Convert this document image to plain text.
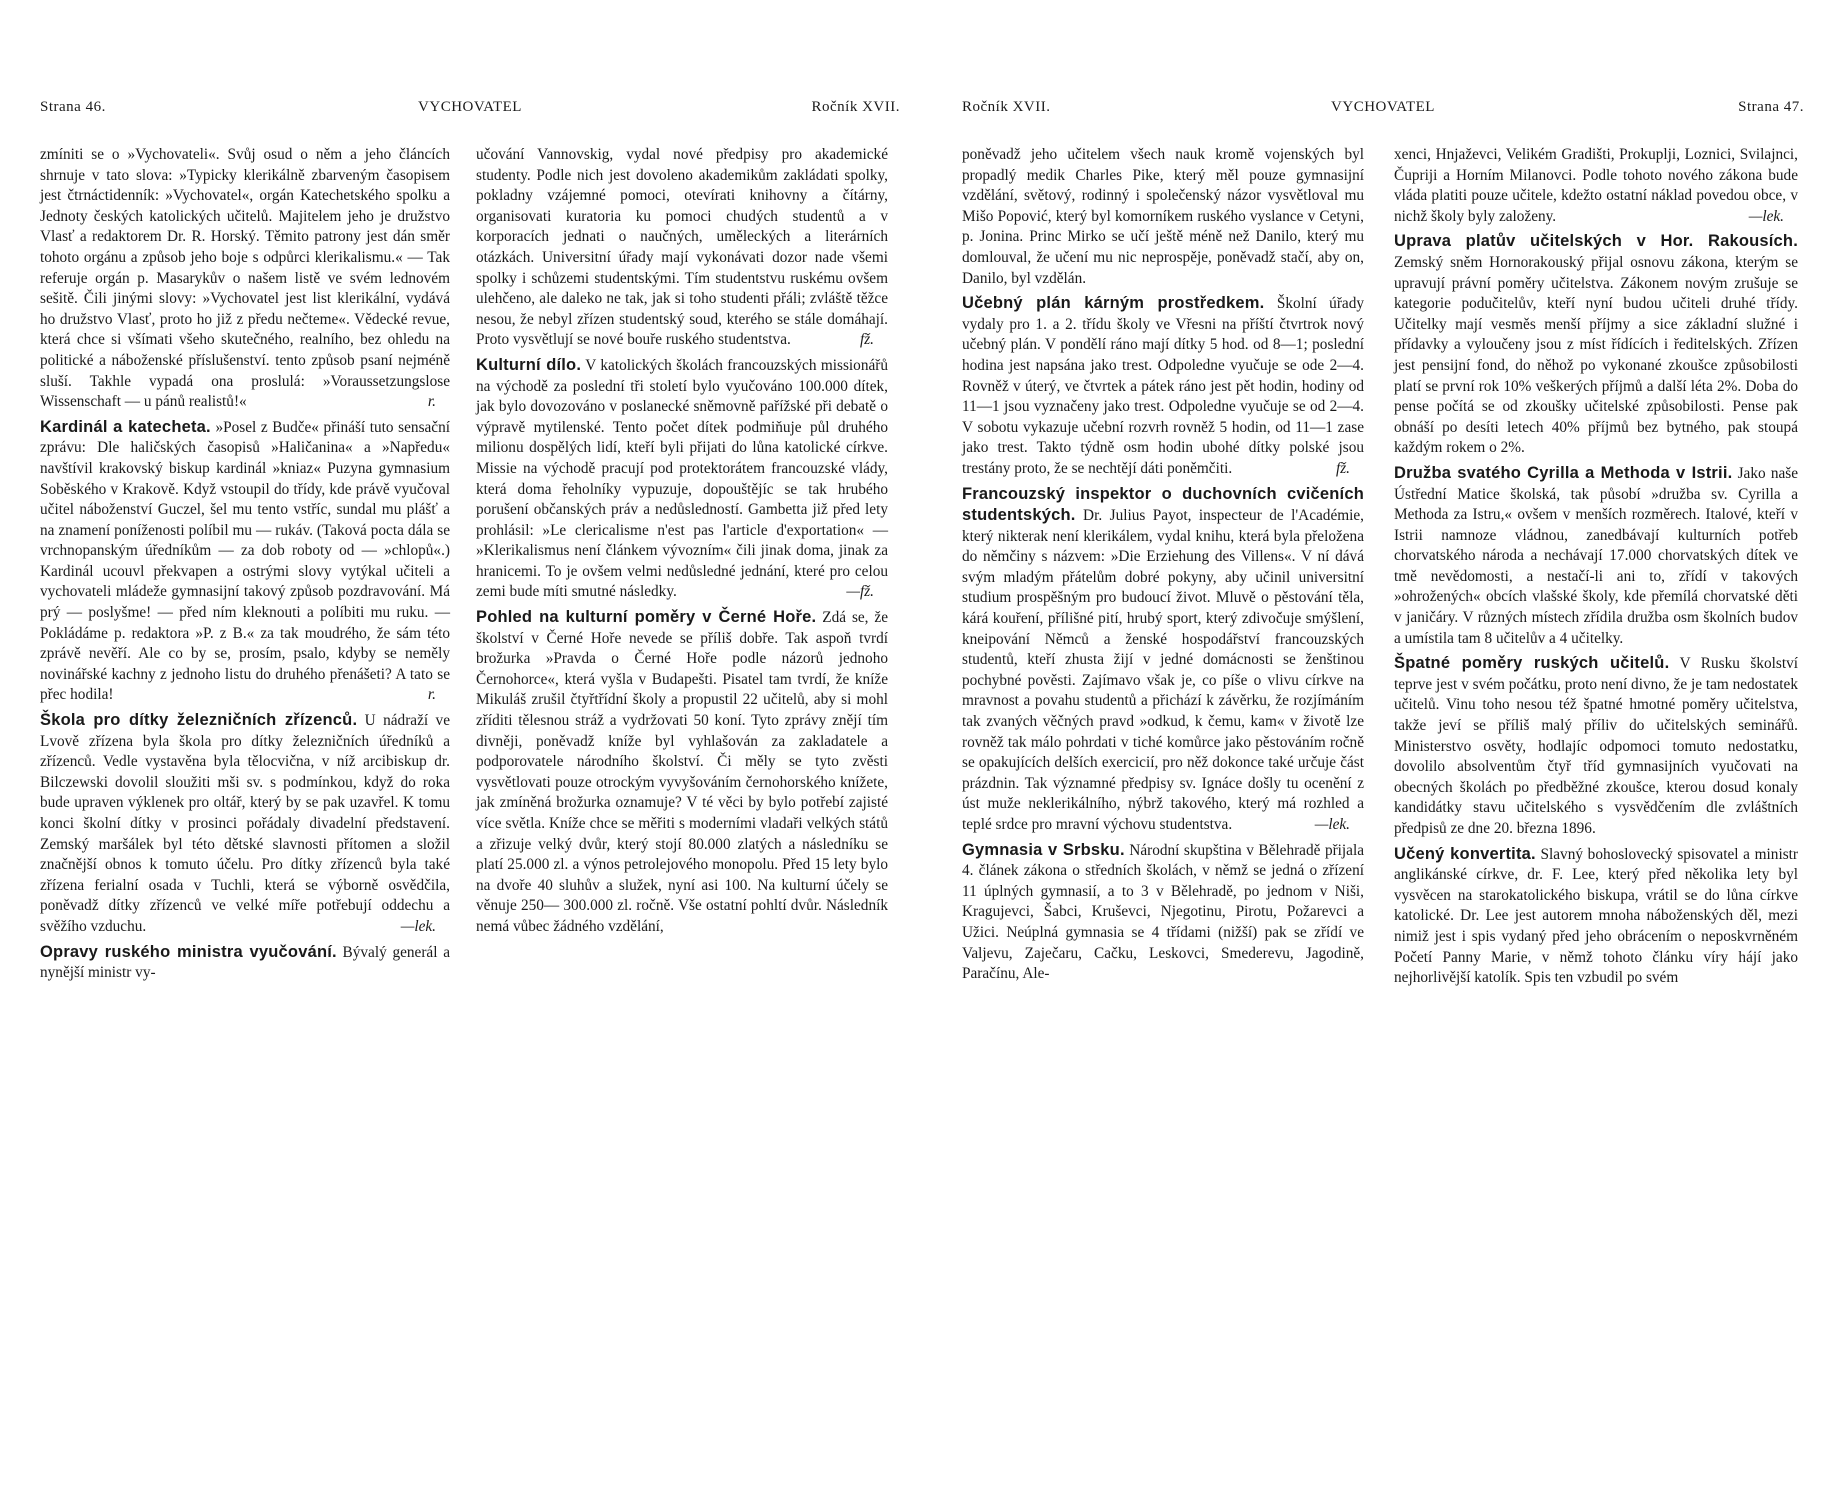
Strana 46.	VYCHOVATEL	Ročník XVII.

zmíniti se o »Vychovateli«. Svůj osud o něm a jeho článcích shrnuje v tato slova: »Typicky klerikálně zbarveným časopisem jest čtrnáctidenník: »Vychovatel«, orgán Katechetského spolku a Jednoty českých katolických učitelů. Majitelem jeho je družstvo Vlasť a redaktorem Dr. R. Horský. Těmito patrony jest dán směr tohoto orgánu a způsob jeho boje s odpůrci klerikalismu.« — Tak referuje orgán p. Masarykův o našem listě ve svém lednovém sešitě. Čili jinými slovy: »Vychovatel jest list klerikální, vydává ho družstvo Vlasť, proto ho již z předu nečteme«. Vědecké revue, která chce si všímati všeho skutečného, realního, bez ohledu na politické a náboženské příslušenství. tento způsob psaní nejméně sluší. Takhle vypadá ona proslulá: »Voraussetzungslose Wissenschaft — u pánů realistů!«	r.

Kardinál a katecheta. »Posel z Budče« přináší tuto sensační zprávu: Dle haličských časopisů »Haličanina« a »Napředu« navštívil krakovský biskup kardinál »kniaz« Puzyna gymnasium Soběského v Krakově. Když vstoupil do třídy, kde právě vyučoval učitel náboženství Guczel, šel mu tento vstříc, sundal mu plášť a na znamení poníženosti políbil mu — rukáv. (Taková pocta dála se vrchnopanským úředníkům — za dob roboty od — »chlopů«.) Kardinál ucouvl překvapen a ostrými slovy vytýkal učiteli a vychovateli mládeže gymnasijní takový způsob pozdravování. Má prý — poslyšme! — před ním kleknouti a políbiti mu ruku. — Pokládáme p. redaktora »P. z B.« za tak moudrého, že sám této zprávě nevěří. Ale co by se, prosím, psalo, kdyby se neměly novinářské kachny z jednoho listu do druhého přenášeti? A tato se přec hodila!	r.

Škola pro dítky železničních zřízenců. U nádraží ve Lvově zřízena byla škola pro dítky železničních úředníků a zřízenců. Vedle vystavěna byla tělocvična, v níž arcibiskup dr. Bilczewski dovolil sloužiti mši sv. s podmínkou, když do roka bude upraven výklenek pro oltář, který by se pak uzavřel. K tomu konci školní dítky v prosinci pořádaly divadelní představení. Zemský maršálek byl této dětské slavnosti přítomen a složil značnější obnos k tomuto účelu. Pro dítky zřízenců byla také zřízena ferialní osada v Tuchli, která se výborně osvědčila, poněvadž dítky zřízenců ve velké míře potřebují oddechu a svěžího vzduchu.	—lek.

Opravy ruského ministra vyučování. Bývalý generál a nynější ministr vy-

učování Vannovskig, vydal nové předpisy pro akademické studenty. Podle nich jest dovoleno akademikům zakládati spolky, pokladny vzájemné pomoci, otevírati knihovny a čítárny, organisovati kuratoria ku pomoci chudých studentů a v korporacích jednati o naučných, uměleckých a literárních otázkách. Universitní úřady mají vykonávati dozor nade všemi spolky i schůzemi studentskými. Tím studentstvu ruskému ovšem ulehčeno, ale daleko ne tak, jak si toho studenti přáli; zvláště těžce nesou, že nebyl zřízen studentský soud, kterého se stále domáhají. Proto vysvětlují se nové bouře ruského studentstva.	fž.

Kulturní dílo. V katolických školách francouzských missionářů na východě za poslední tři století bylo vyučováno 100.000 dítek, jak bylo dovozováno v poslanecké sněmovně pařížské při debatě o výpravě mytilenské. Tento počet dítek podmiňuje půl druhého milionu dospělých lidí, kteří byli přijati do lůna katolické církve. Missie na východě pracují pod protektorátem francouzské vlády, která doma řeholníky vypuzuje, dopouštějíc se tak hrubého porušení občanských práv a nedůsledností. Gambetta již před lety prohlásil: »Le clericalisme n'est pas l'article d'exportation« — »Klerikalismus není článkem vývozním« čili jinak doma, jinak za hranicemi. To je ovšem velmi nedůsledné jednání, které pro celou zemi bude míti smutné následky.	—fž.

Pohled na kulturní poměry v Černé Hoře. Zdá se, že školství v Černé Hoře nevede se příliš dobře. Tak aspoň tvrdí brožurka »Pravda o Černé Hoře podle názorů jednoho Černohorce«, která vyšla v Budapešti. Pisatel tam tvrdí, že kníže Mikuláš zrušil čtyřtřídní školy a propustil 22 učitelů, aby si mohl zříditi tělesnou stráž a vydržovati 50 koní. Tyto zprávy znějí tím divněji, poněvadž kníže byl vyhlašován za zakladatele a podporovatele národního školství. Či měly se tyto zvěsti vysvětlovati pouze otrockým vyvyšováním černohorského knížete, jak zmíněná brožurka oznamuje? V té věci by bylo potřebí zajisté více světla. Kníže chce se měřiti s moderními vladaři velkých států a zřizuje velký dvůr, který stojí 80.000 zlatých a následníku se platí 25.000 zl. a výnos petrolejového monopolu. Před 15 lety bylo na dvoře 40 sluhův a služek, nyní asi 100. Na kulturní účely se věnuje 250— 300.000 zl. ročně. Vše ostatní pohltí dvůr. Následník nemá vůbec žádného vzdělání,

Ročník XVII.	VYCHOVATEL	Strana 47.

poněvadž jeho učitelem všech nauk kromě vojenských byl propadlý medik Charles Pike, který měl pouze gymnasijní vzdělání, světový, rodinný i společenský názor vysvětloval mu Mišo Popović, který byl komorníkem ruského vyslance v Cetyni, p. Jonina. Princ Mirko se učí ještě méně než Danilo, který mu domlouval, že učení mu nic neprospěje, poněvadž stačí, aby on, Danilo, byl vzdělán.

Učebný plán kárným prostředkem. Školní úřady vydaly pro 1. a 2. třídu školy ve Vřesni na příští čtvrtrok nový učebný plán. V pondělí ráno mají dítky 5 hod. od 8—1; poslední hodina jest napsána jako trest. Odpoledne vyučuje se ode 2—4. Rovněž v úterý, ve čtvrtek a pátek ráno jest pět hodin, hodiny od 11—1 jsou vyznačeny jako trest. Odpoledne vyučuje se od 2—4. V sobotu vykazuje učební rozvrh rovněž 5 hodin, od 11—1 zase jako trest. Takto týdně osm hodin ubohé dítky polské jsou trestány proto, že se nechtějí dáti poněmčiti.	fž.

Francouzský inspektor o duchovních cvičeních studentských. Dr. Julius Payot, inspecteur de l'Académie, který nikterak není klerikálem, vydal knihu, která byla přeložena do němčiny s názvem: »Die Erziehung des Villens«. V ní dává svým mladým přátelům dobré pokyny, aby učinil universitní studium prospěšným pro budoucí život. Mluvě o pěstování těla, kárá kouření, přílišné pití, hrubý sport, který zdivočuje smýšlení, kneipování Němců a ženské hospodářství francouzských studentů, kteří zhusta žijí v jedné domácnosti se ženštinou pochybné pověsti. Zajímavo však je, co píše o vlivu církve na mravnost a povahu studentů a přichází k závěrku, že rozjímáním tak zvaných věčných pravd »odkud, k čemu, kam« v životě lze rovněž tak málo pohrdati v tiché komůrce jako pěstováním ročně se opakujících delších exercicií, pro něž dokonce také určuje část prázdnin. Tak významné předpisy sv. Ignáce došly tu ocenění z úst muže neklerikálního, nýbrž takového, který má rozhled a teplé srdce pro mravní výchovu studentstva.	—lek.

Gymnasia v Srbsku. Národní skupština v Bělehradě přijala 4. článek zákona o středních školách, v němž se jedná o zřízení 11 úplných gymnasií, a to 3 v Bělehradě, po jednom v Niši, Kragujevci, Šabci, Kruševci, Njegotinu, Pirotu, Požarevci a Užici. Neúplná gymnasia se 4 třídami (nižší) pak se zřídí ve Valjevu, Zaječaru, Cačku, Leskovci, Smederevu, Jagodině, Paračínu, Ale-

xenci, Hnjaževci, Velikém Gradišti, Prokuplji, Loznici, Svilajnci, Čupriji a Horním Milanovci. Podle tohoto nového zákona bude vláda platiti pouze učitele, kdežto ostatní náklad povedou obce, v nichž školy byly založeny.	—lek.

Uprava platův učitelských v Hor. Rakousích. Zemský sněm Hornorakouský přijal osnovu zákona, kterým se upravují právní poměry učitelstva. Zákonem novým zrušuje se kategorie podučitelův, kteří nyní budou učiteli druhé třídy. Učitelky mají vesměs menší příjmy a sice základní služné i přídavky a vyloučeny jsou z míst řídících i ředitelských. Zřízen jest pensijní fond, do něhož po vykonané zkoušce způsobilosti platí se první rok 10% veškerých příjmů a další léta 2%. Doba do pense počítá se od zkoušky učitelské způsobilosti. Pense pak obnáší po desíti letech 40% příjmů bez bytného, pak stoupá každým rokem o 2%.

Družba svatého Cyrilla a Methoda v Istrii. Jako naše Ústřední Matice školská, tak působí »družba sv. Cyrilla a Methoda za Istru,« ovšem v menších rozměrech. Italové, kteří v Istrii namnoze vládnou, zanedbávají kulturních potřeb chorvatského národa a nechávají 17.000 chorvatských dítek ve tmě nevědomosti, a nestačí-li ani to, zřídí v takových »ohrožených« obcích vlašské školy, kde přemílá chorvatské děti v janičáry. V různých místech zřídila družba osm školních budov a umístila tam 8 učitelův a 4 učitelky.

Špatné poměry ruských učitelů. V Rusku školství teprve jest v svém počátku, proto není divno, že je tam nedostatek učitelů. Vinu toho nesou též špatné hmotné poměry učitelstva, takže jeví se příliš malý příliv do učitelských seminářů. Ministerstvo osvěty, hodlajíc odpomoci tomuto nedostatku, dovolilo absolventům čtyř tříd gymnasijních vyučovati na obecných školách po předběžné zkoušce, kterou dosud konaly kandidátky stavu učitelského s vysvědčením dle zvláštních předpisů ze dne 20. března 1896.

Učený konvertita. Slavný bohoslovecký spisovatel a ministr anglikánské církve, dr. F. Lee, který před několika lety byl vysvěcen na starokatolického biskupa, vrátil se do lůna církve katolické. Dr. Lee jest autorem mnoha náboženských děl, mezi nimiž jest i spis vydaný před jeho obrácením o neposkvrněném Početí Panny Marie, v němž tohoto článku víry hájí jako nejhorlivější katolík. Spis ten vzbudil po svém
